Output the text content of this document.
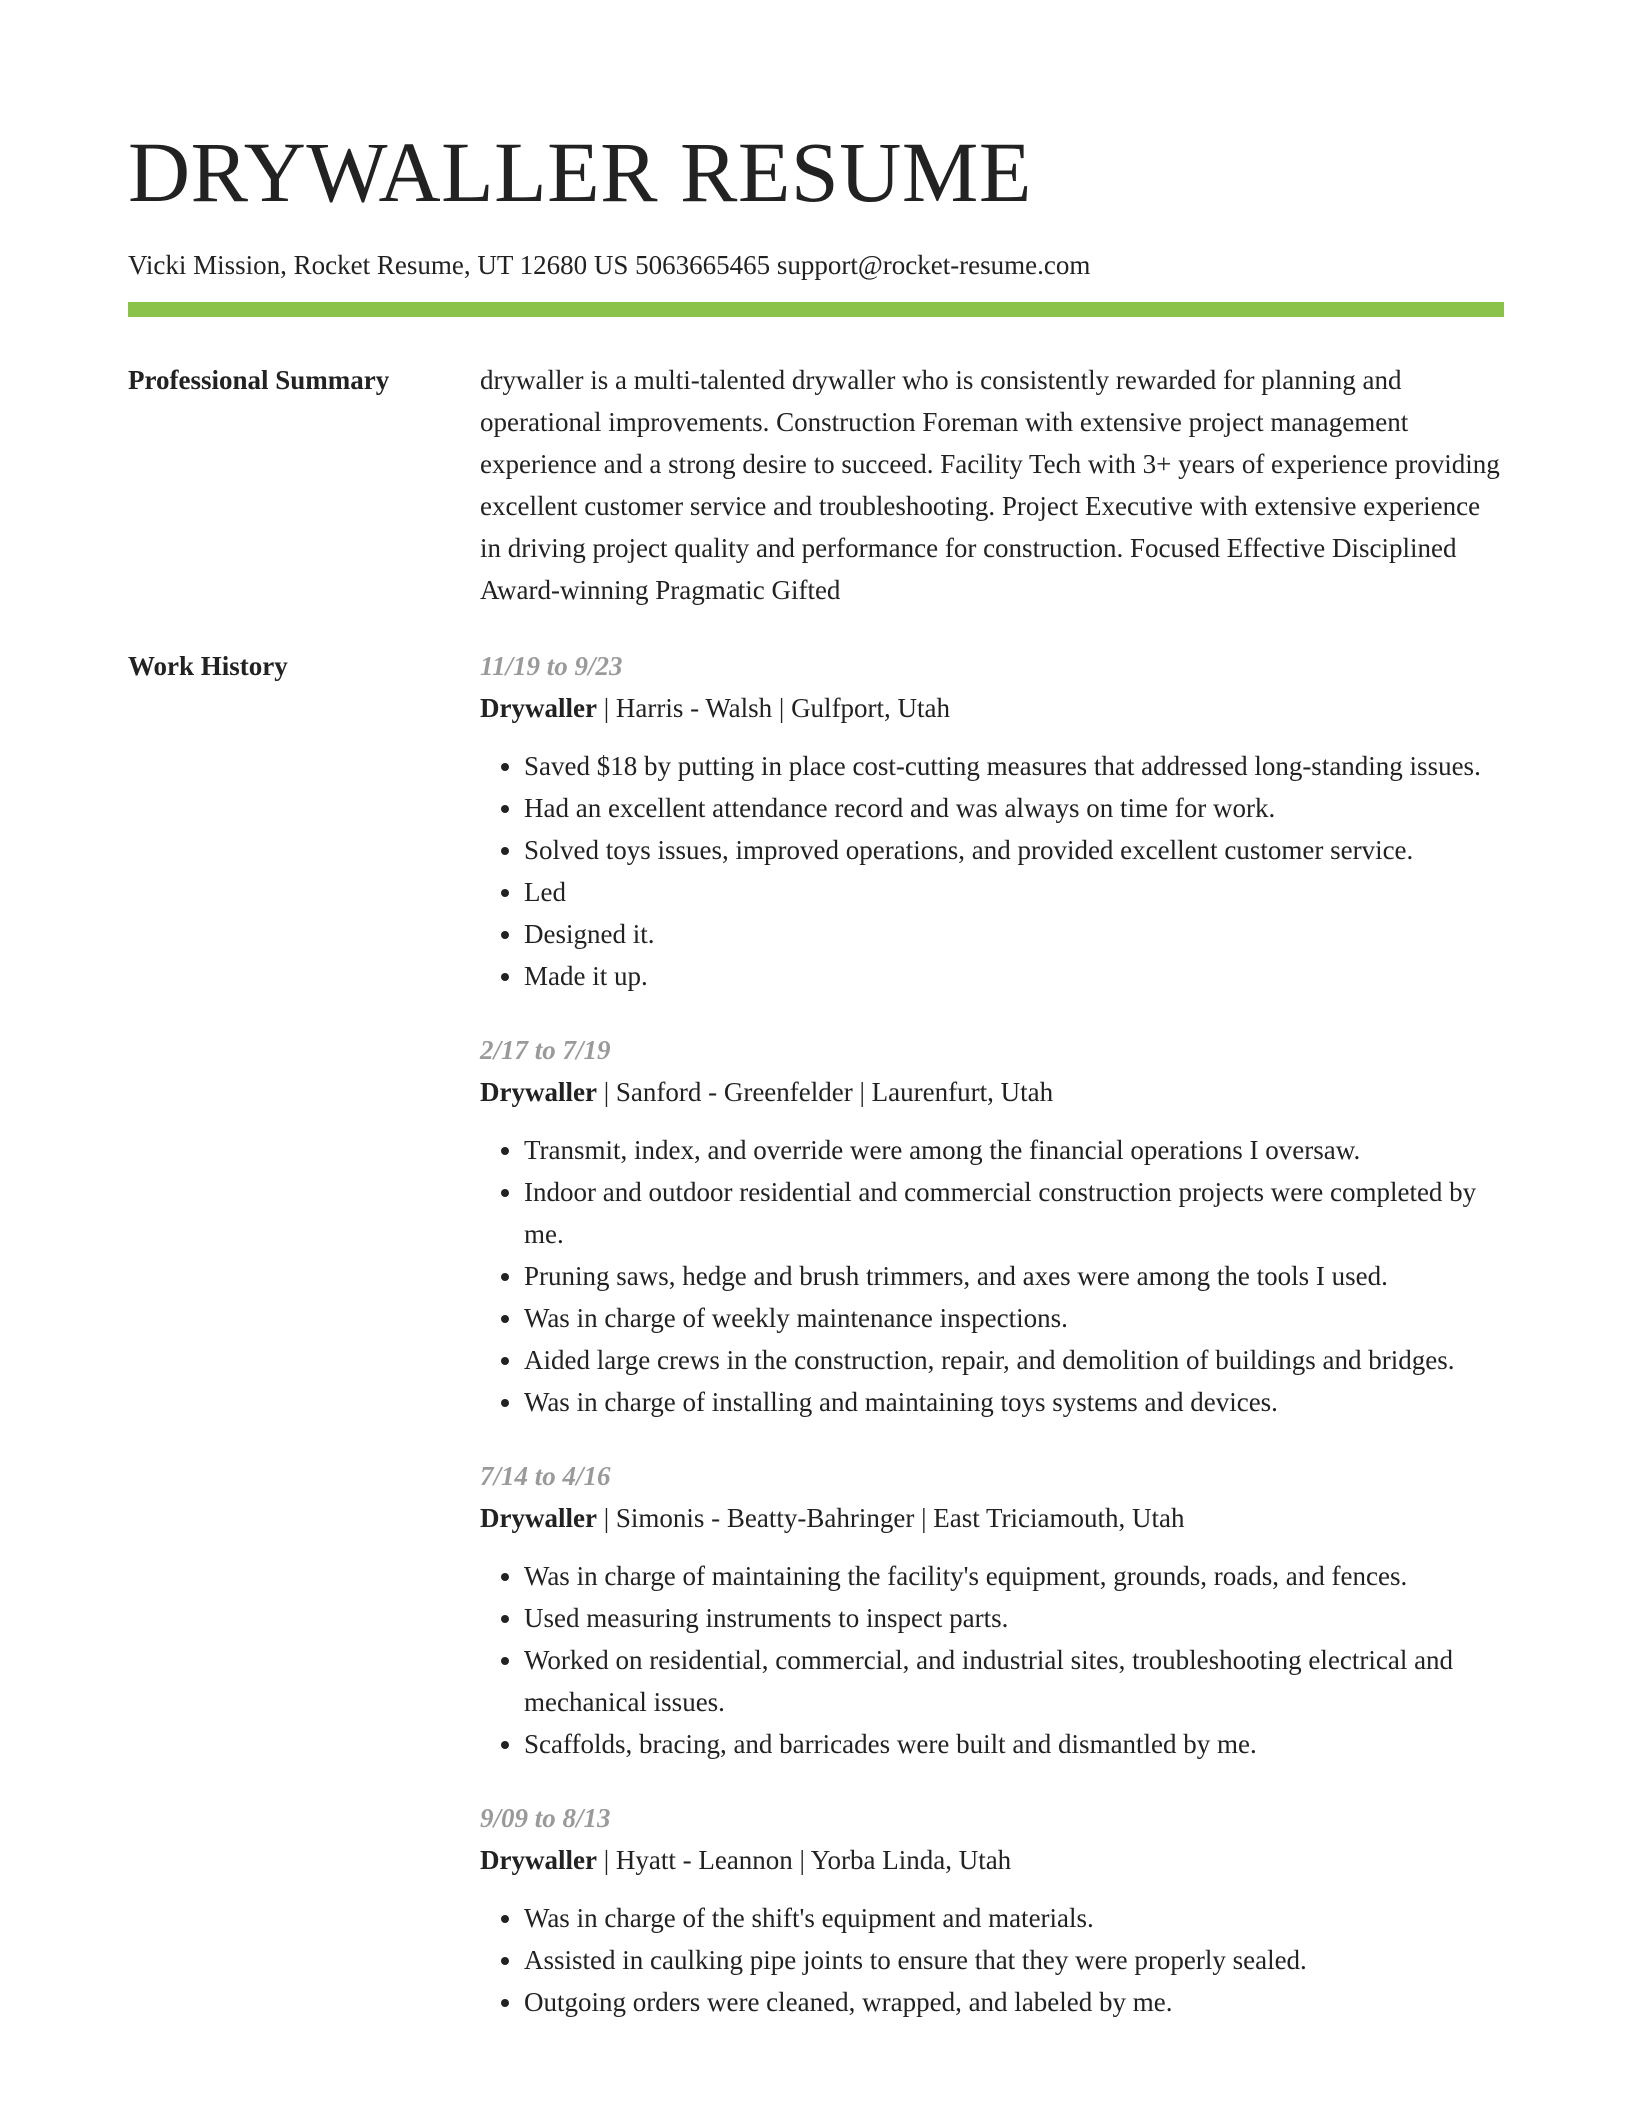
DRYWALLER RESUME
Vicki Mission, Rocket Resume, UT 12680 US 5063665465 support@rocket-resume.com
Professional Summary	drywaller is a multi-talented drywaller who is consistently rewarded for planning and operational improvements. Construction Foreman with extensive project management experience and a strong desire to succeed. Facility Tech with 3+ years of experience providing excellent customer service and troubleshooting. Project Executive with extensive experience in driving project quality and performance for construction. Focused Effective Disciplined Award-winning Pragmatic Gifted

Work History	11/19 to 9/23
Drywaller | Harris - Walsh | Gulfport, Utah
• Saved $18 by putting in place cost-cutting measures that addressed long-standing issues.
• Had an excellent attendance record and was always on time for work.
• Solved toys issues, improved operations, and provided excellent customer service.
• Led
• Designed it.
• Made it up.
2/17 to 7/19
Drywaller | Sanford - Greenfelder | Laurenfurt, Utah
• Transmit, index, and override were among the financial operations I oversaw.
• Indoor and outdoor residential and commercial construction projects were completed by me.
• Pruning saws, hedge and brush trimmers, and axes were among the tools I used.
• Was in charge of weekly maintenance inspections.
• Aided large crews in the construction, repair, and demolition of buildings and bridges.
• Was in charge of installing and maintaining toys systems and devices.
7/14 to 4/16
Drywaller | Simonis - Beatty-Bahringer | East Triciamouth, Utah
• Was in charge of maintaining the facility's equipment, grounds, roads, and fences.
• Used measuring instruments to inspect parts.
• Worked on residential, commercial, and industrial sites, troubleshooting electrical and mechanical issues.
• Scaffolds, bracing, and barricades were built and dismantled by me.
9/09 to 8/13
Drywaller | Hyatt - Leannon | Yorba Linda, Utah
• Was in charge of the shift's equipment and materials.
• Assisted in caulking pipe joints to ensure that they were properly sealed.
• Outgoing orders were cleaned, wrapped, and labeled by me.
